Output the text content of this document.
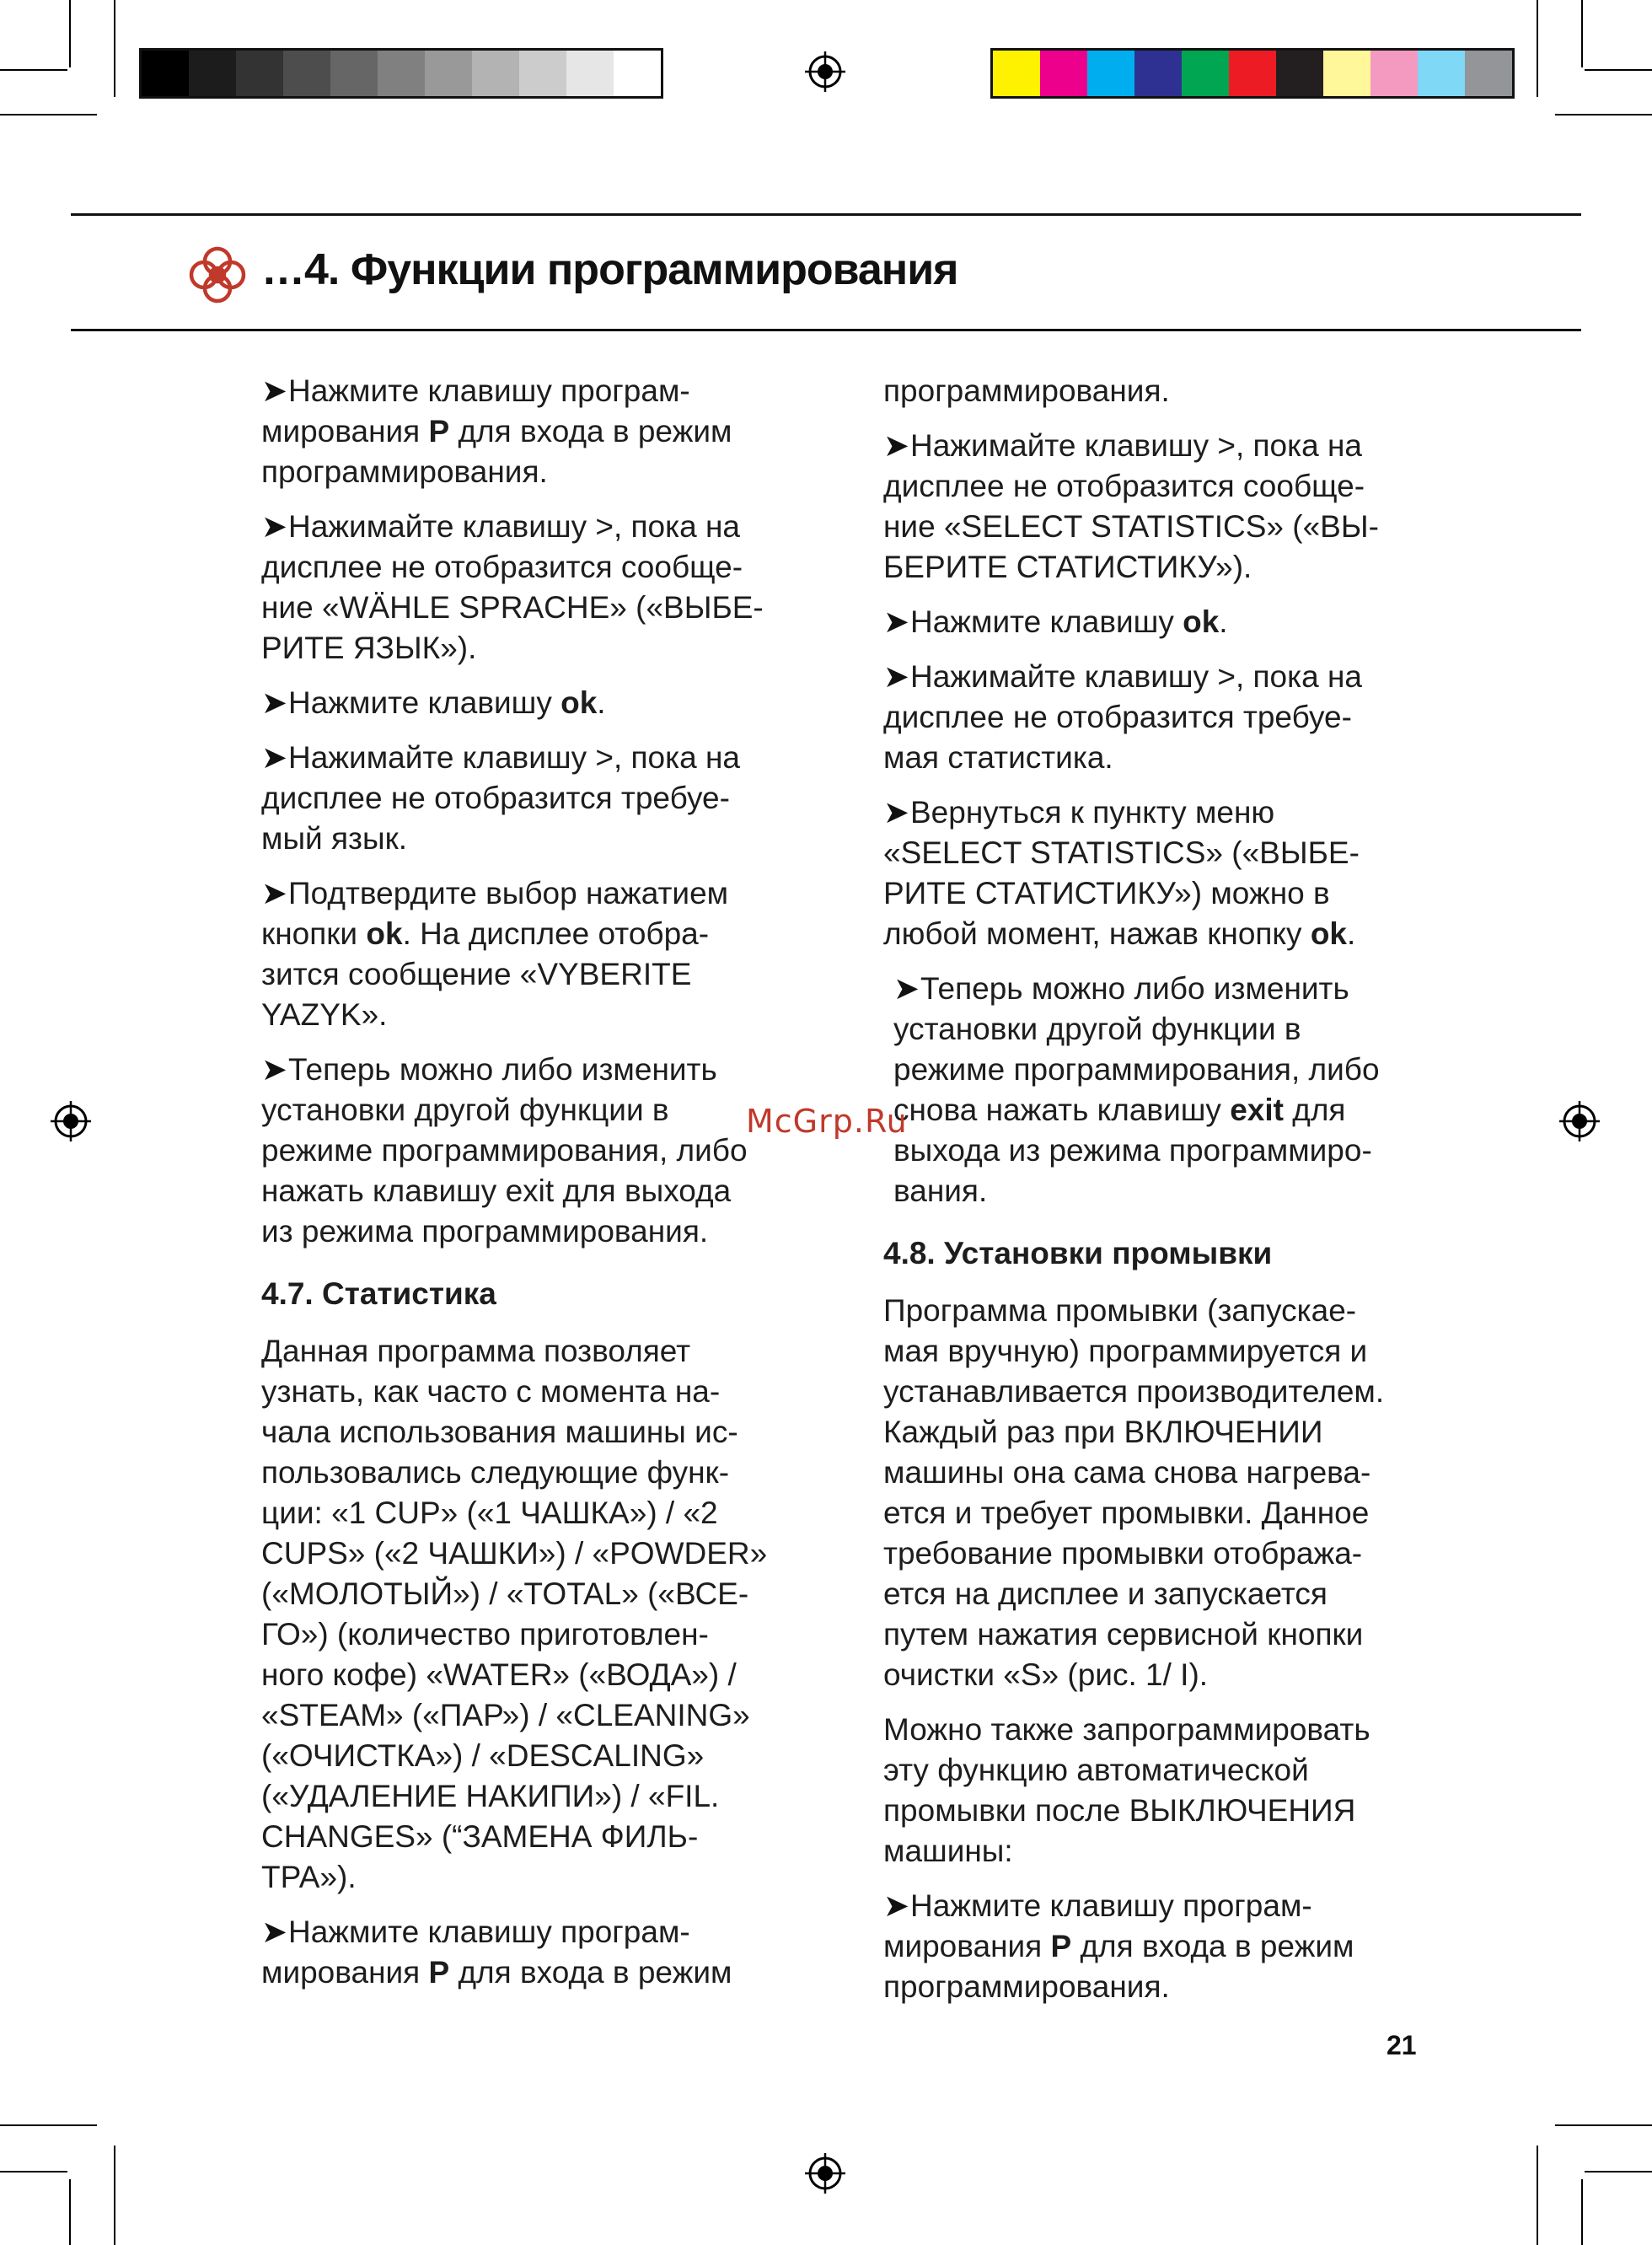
…4. Функции программирования

➤Нажмите клавишу програм-
мирования P для входа в режим
программирования.

➤Нажимайте клавишу >, пока на
дисплее не отобразится сообще-
ние «WÄHLE SPRACHE» («ВЫБЕ-
РИТЕ ЯЗЫК»).

➤Нажмите клавишу ok.

➤Нажимайте клавишу >, пока на
дисплее не отобразится требуе-
мый язык.

➤Подтвердите выбор нажатием
кнопки ok. На дисплее отобра-
зится сообщение «VYBERITE
YAZYK».

➤Теперь можно либо изменить
установки другой функции в
режиме программирования, либо
нажать клавишу exit для выхода
из режима программирования.

4.7. Статистика

Данная программа позволяет
узнать, как часто с момента на-
чала использования машины ис-
пользовались следующие функ-
ции: «1 CUP» («1 ЧАШКА») / «2
CUPS» («2 ЧАШКИ») / «POWDER»
(«МОЛОТЫЙ») / «TOTAL» («ВСЕ-
ГО») (количество приготовлен-
ного кофе) «WATER» («ВОДА») /
«STEAM» («ПАР») / «CLEANING»
(«ОЧИСТКА») / «DESCALING»
(«УДАЛЕНИЕ НАКИПИ») / «FIL.
CHANGES» (“ЗАМЕНА ФИЛЬ-
ТРА»).

➤Нажмите клавишу програм-
мирования P для входа в режим

программирования.

➤Нажимайте клавишу >, пока на
дисплее не отобразится сообще-
ние «SELECT STATISTICS» («ВЫ-
БЕРИТЕ СТАТИСТИКУ»).

➤Нажмите клавишу ok.

➤Нажимайте клавишу >, пока на
дисплее не отобразится требуе-
мая статистика.

➤Вернуться к пункту меню
«SELECT STATISTICS» («ВЫБЕ-
РИТЕ СТАТИСТИКУ») можно в
любой момент, нажав кнопку ok.

➤Теперь можно либо изменить
установки другой функции в
режиме программирования, либо
снова нажать клавишу exit для
выхода из режима программиро-
вания.

4.8. Установки промывки

Программа промывки (запускае-
мая вручную) программируется и
устанавливается производителем.
Каждый раз при ВКЛЮЧЕНИИ
машины она сама снова нагрева-
ется и требует промывки. Данное
требование промывки отобража-
ется на дисплее и запускается
путем нажатия сервисной кнопки
очистки «S» (рис. 1/ I).

Можно также запрограммировать
эту функцию автоматической
промывки после ВЫКЛЮЧЕНИЯ
машины:

➤Нажмите клавишу програм-
мирования P для входа в режим
программирования.

McGrp.Ru
21
